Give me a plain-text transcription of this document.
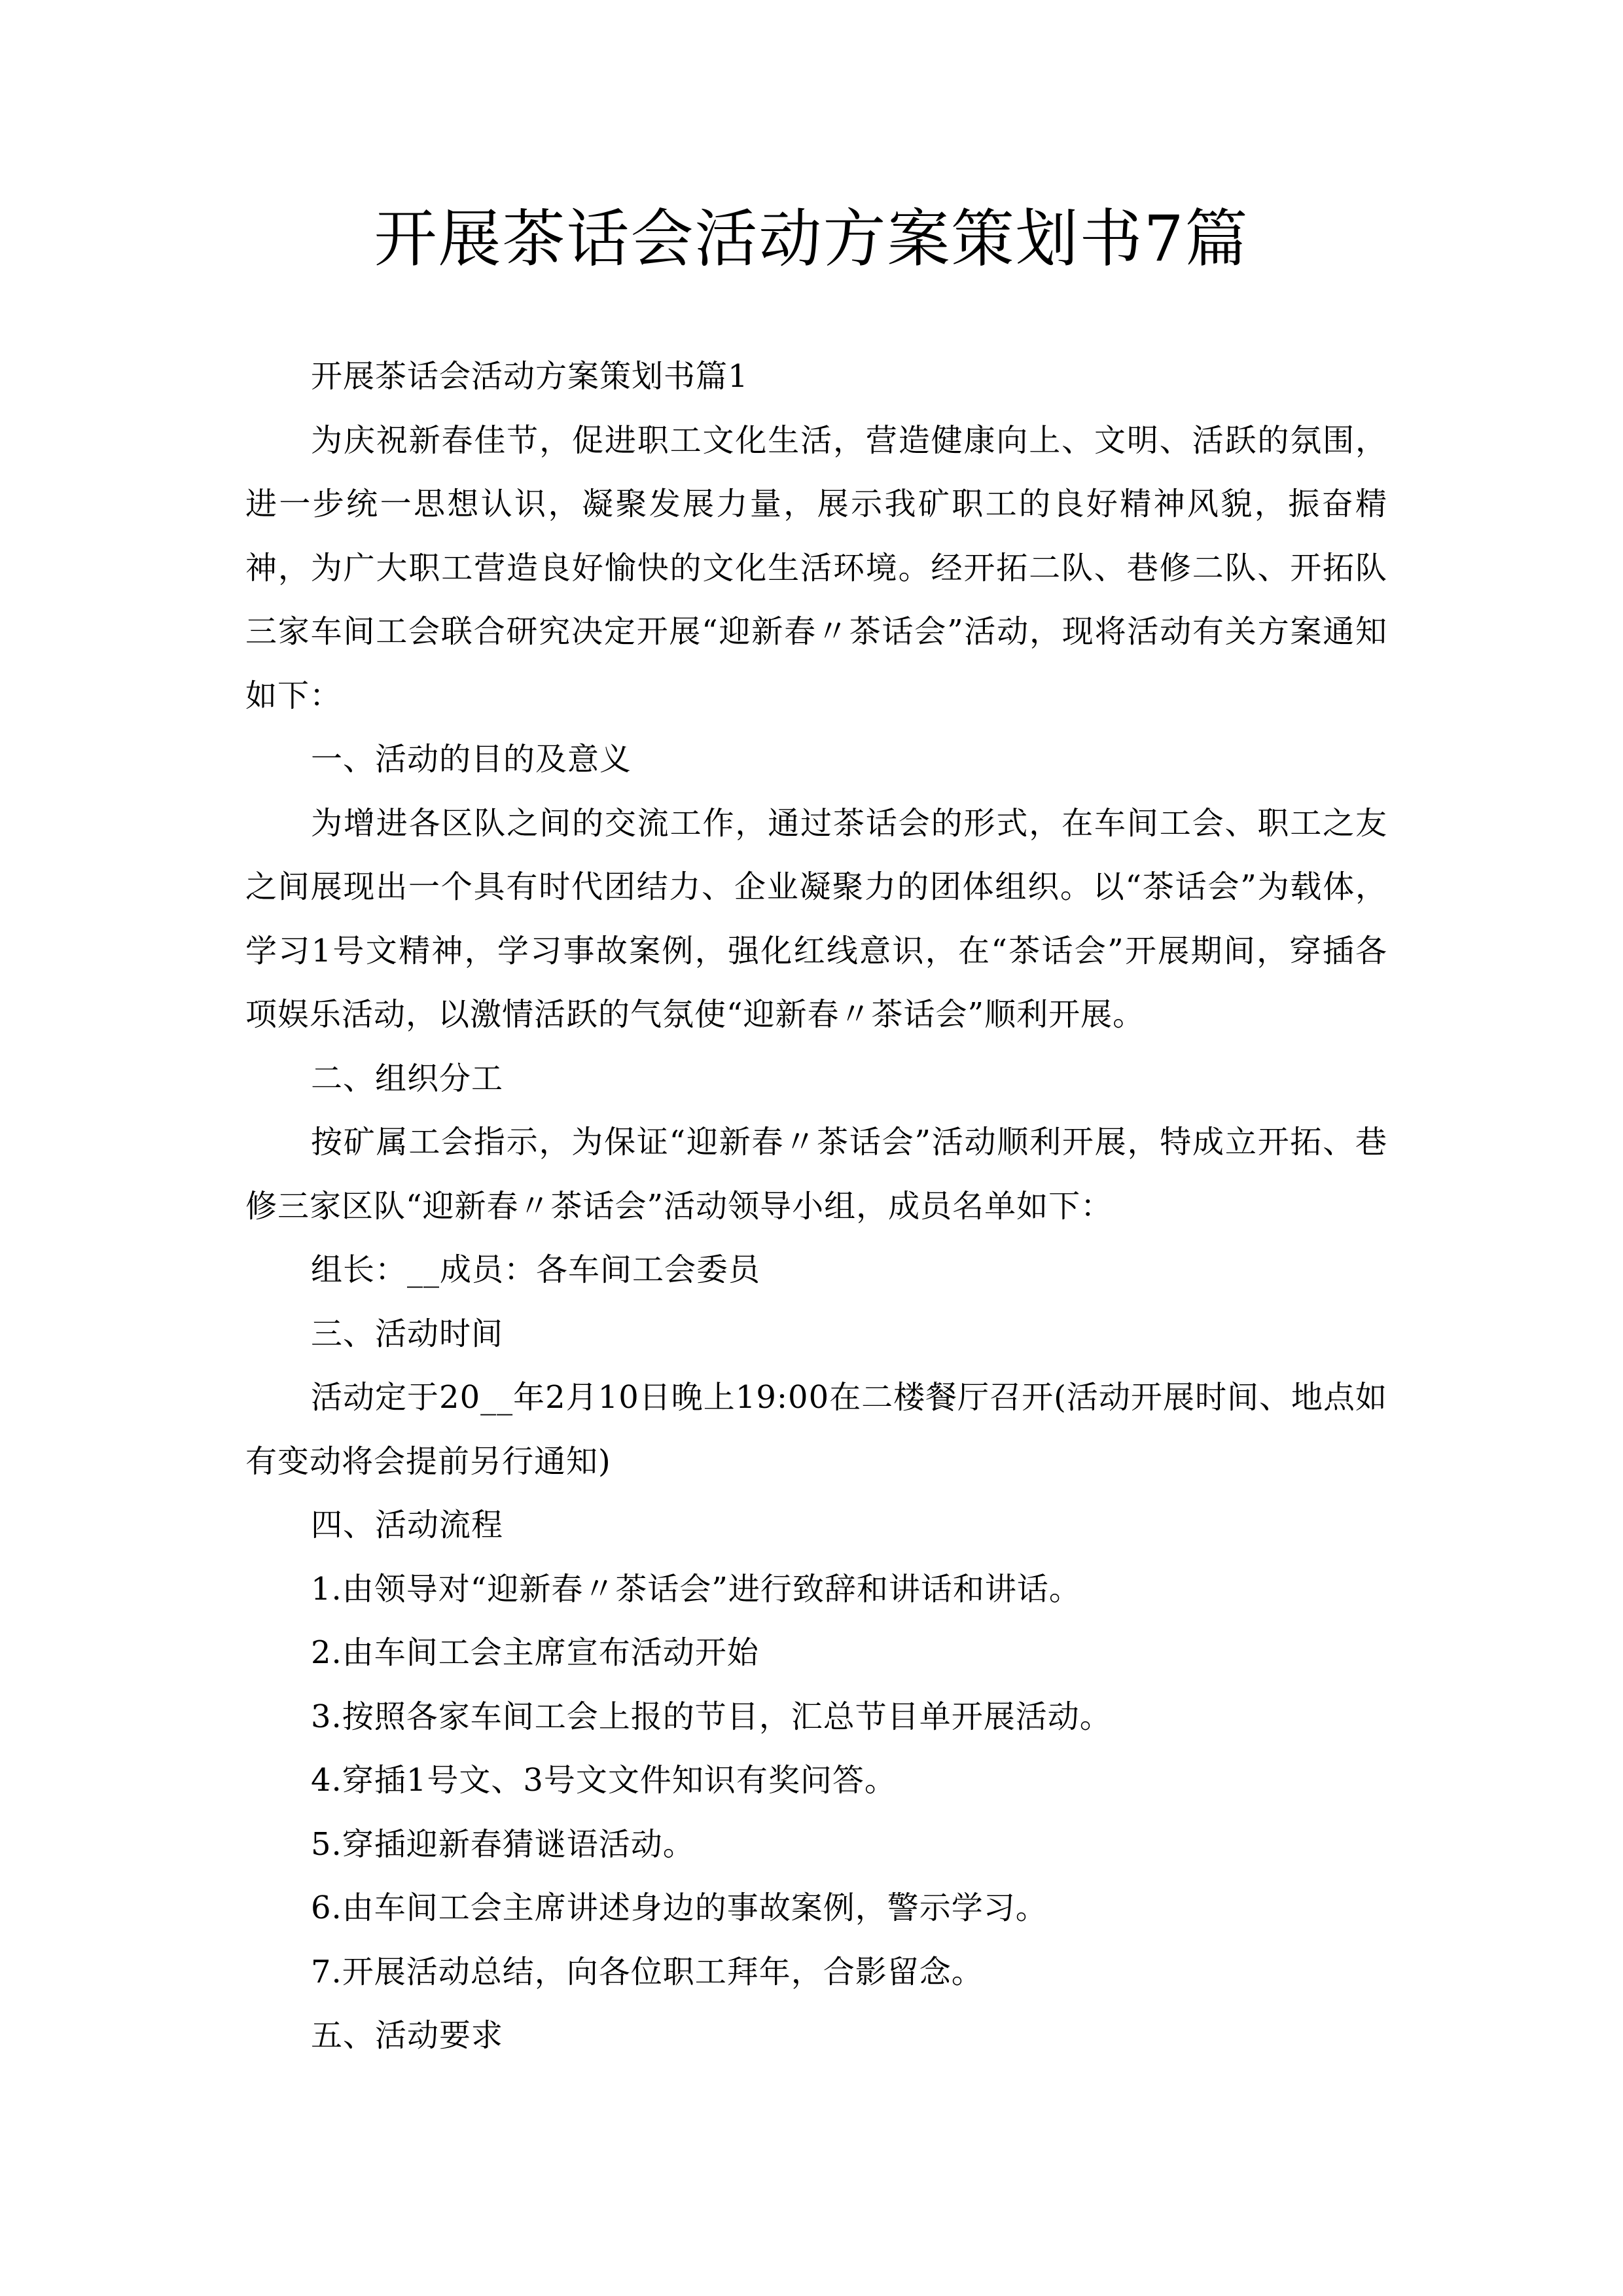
开展茶话会活动方案策划书7篇

开展茶话会活动方案策划书篇1

为庆祝新春佳节，促进职工文化生活，营造健康向上、文明、活跃的氛围，进一步统一思想认识，凝聚发展力量，展示我矿职工的良好精神风貌，振奋精神，为广大职工营造良好愉快的文化生活环境。经开拓二队、巷修二队、开拓队三家车间工会联合研究决定开展“迎新春〃茶话会”活动，现将活动有关方案通知如下：

一、活动的目的及意义

为增进各区队之间的交流工作，通过茶话会的形式，在车间工会、职工之友之间展现出一个具有时代团结力、企业凝聚力的团体组织。以“茶话会”为载体，学习1号文精神，学习事故案例，强化红线意识，在“茶话会”开展期间，穿插各项娱乐活动，以激情活跃的气氛使“迎新春〃茶话会”顺利开展。

二、组织分工

按矿属工会指示，为保证“迎新春〃茶话会”活动顺利开展，特成立开拓、巷修三家区队“迎新春〃茶话会”活动领导小组，成员名单如下：

组长：__成员：各车间工会委员

三、活动时间

活动定于20__年2月10日晚上19:00在二楼餐厅召开(活动开展时间、地点如有变动将会提前另行通知)

四、活动流程

1.由领导对“迎新春〃茶话会”进行致辞和讲话和讲话。

2.由车间工会主席宣布活动开始

3.按照各家车间工会上报的节目，汇总节目单开展活动。

4.穿插1号文、3号文文件知识有奖问答。

5.穿插迎新春猜谜语活动。

6.由车间工会主席讲述身边的事故案例，警示学习。

7.开展活动总结，向各位职工拜年，合影留念。

五、活动要求
